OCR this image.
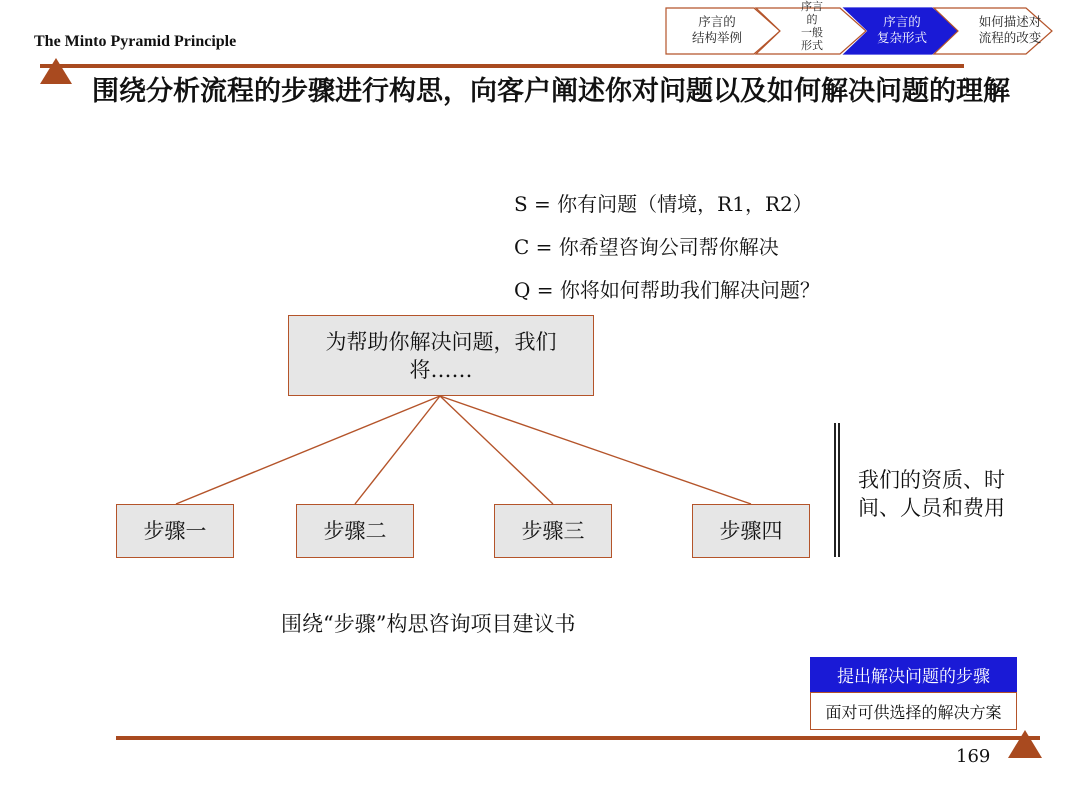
The Minto Pyramid Principle
序言的
结构举例
序言
的
一般
形式
序言的
复杂形式
如何描述对
流程的改变
围绕分析流程的步骤进行构思，向客户阐述你对问题以及如何解决问题的理解
S = 你有问题（情境，R1，R2）
C = 你希望咨询公司帮你解决
Q = 你将如何帮助我们解决问题？
为帮助你解决问题，我们将……
步骤一	步骤二	步骤三	步骤四
我们的资质、时间、人员和费用
围绕“步骤”构思咨询项目建议书
提出解决问题的步骤
面对可供选择的解决方案
169
